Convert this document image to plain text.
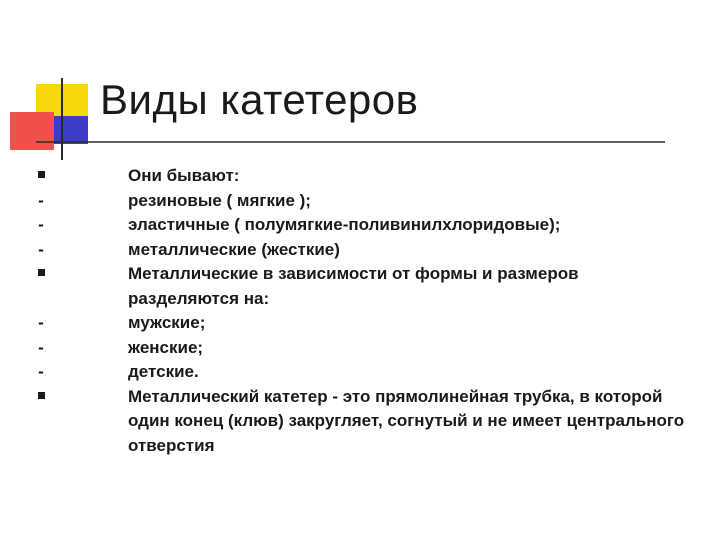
Виды катетеров
Они бывают:
-	резиновые ( мягкие );
-	эластичные ( полумягкие-поливинилхлоридовые);
-	металлические (жесткие)
Металлические в зависимости от формы и размеров разделяются на:
-	мужские;
-	женские;
-	детские.
Металлический катетер - это прямолинейная трубка, в которой один конец (клюв) закругляет, согнутый и не имеет центрального отверстия
